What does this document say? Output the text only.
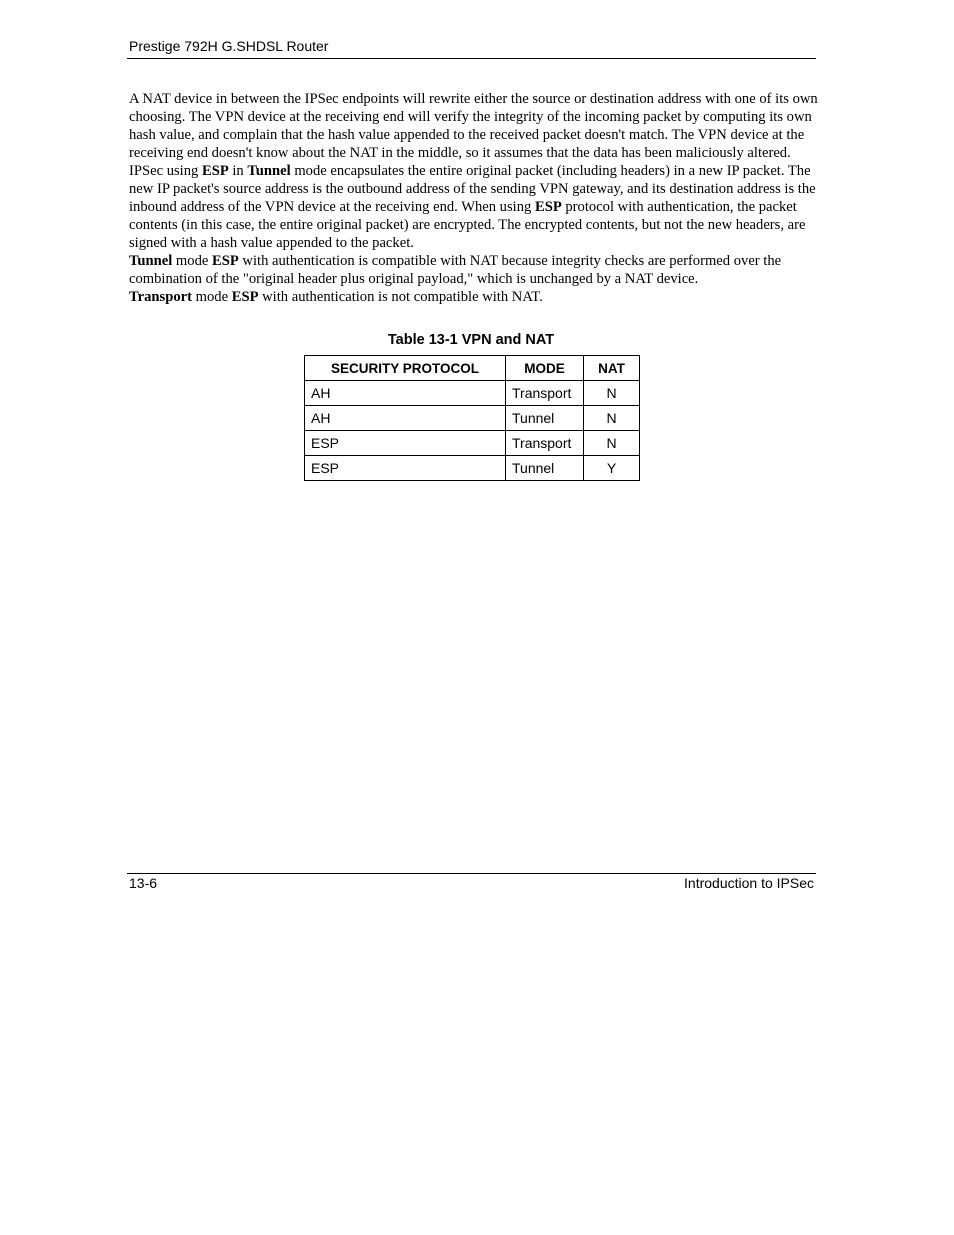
Prestige 792H G.SHDSL Router

A NAT device in between the IPSec endpoints will rewrite either the source or destination address with one of its own choosing. The VPN device at the receiving end will verify the integrity of the incoming packet by computing its own hash value, and complain that the hash value appended to the received packet doesn't match. The VPN device at the receiving end doesn't know about the NAT in the middle, so it assumes that the data has been maliciously altered.

IPSec using ESP in Tunnel mode encapsulates the entire original packet (including headers) in a new IP packet. The new IP packet's source address is the outbound address of the sending VPN gateway, and its destination address is the inbound address of the VPN device at the receiving end. When using ESP protocol with authentication, the packet contents (in this case, the entire original packet) are encrypted. The encrypted contents, but not the new headers, are signed with a hash value appended to the packet.

Tunnel mode ESP with authentication is compatible with NAT because integrity checks are performed over the combination of the "original header plus original payload," which is unchanged by a NAT device.

Transport mode ESP with authentication is not compatible with NAT.

Table 13-1 VPN and NAT
SECURITY PROTOCOL	MODE	NAT
AH	Transport	N
AH	Tunnel	N
ESP	Transport	N
ESP	Tunnel	Y
13-6	Introduction to IPSec
